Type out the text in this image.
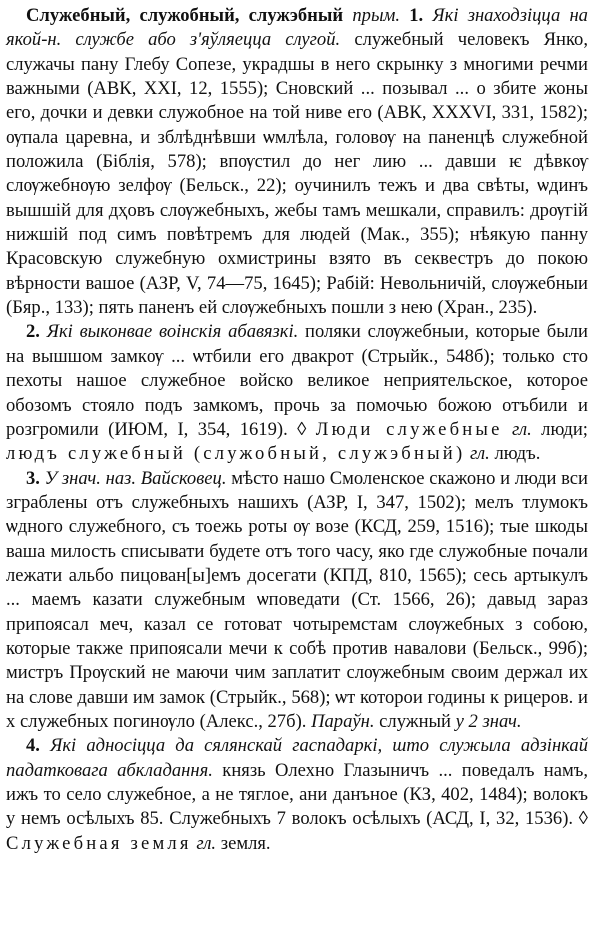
Служебный, служобный, служэбный прым. 1. Які знаходзіцца на якой-н. службе або з'яўляецца слугой. служебный человекъ Янко, служачы пану Глебу Сопезе, украдшы в него скрынку з многими речми важными (АВК, XXI, 12, 1555); Сновский ... позывал ... о збите жоны его, дочки и девки служобное на той ниве его (АВК, XXXVI, 331, 1582); ѹпала царевна, и зблѣднѣвши ѡмлѣла, головѹ на паненцѣ служебной положила (Біблія, 578); впѹстил до нег лию ... давши ѥ дѣвкѹ слѹжебнѹю зелфѹ (Бельск., 22); оучинилъ тежъ и два свѣты, ѡдинъ вышшій для дҳовъ слѹжебныхъ, жебы тамъ мешкали, справилъ: дрѹгій нижшій под симъ повѣтремъ для людей (Мак., 355); нѣякую панну Красовскую служебную охмистрины взято въ секвестръ до покою вѣрности вашое (АЗР, V, 74—75, 1645); Рабій: Невольничій, слѹжебныи (Бяр., 133); пять паненъ ей слѹжебныхъ пошли з нею (Хран., 235).

2. Які выконвае воінскія абавязкі. поляки слѹжебныи, которые были на вышшом замкѹ ... ѡтбили его двакрот (Стрыйк., 548б); только сто пехоты нашое служебное войско великое неприятельское, которое обозомъ стояло подъ замкомъ, прочь за помочью божою отъбили и розгромили (ИЮМ, I, 354, 1619). ◊ Люди служебные гл. люди; людъ служебный (служобный, служэбный) гл. людъ.

3. У знач. наз. Вайсковец. мѣсто нашо Смоленское скажоно и люди вси зграблены отъ служебныхъ нашихъ (АЗР, I, 347, 1502); мелъ тлумокъ ѡдного служебного, съ тоежь роты ѹ возе (КСД, 259, 1516); тые шкоды ваша милость списывати будете отъ того часу, яко где служобные почали лежати альбо пицован[ы]емъ досегати (КПД, 810, 1565); сесь артыкулъ ... маемъ казати служебным ѡповедати (Ст. 1566, 26); давыд зараз припоясал меч, казал се готоват чотыремстам слѹжебных з собою, которые также припоясали мечи к собѣ против навалови (Бельск., 99б); мистръ Прѹский не маючи чим заплатит слѹжебным своим держал их на слове давши им замок (Стрыйк., 568); ѡт которои годины к рицеров. и х служебных погинѹло (Алекс., 27б). Параўн. служный у 2 знач.

4. Які адносіцца да сялянскай гаспадаркі, што служыла адзінкай падатковага абкладання. князь Олехно Глазыничъ ... поведалъ намъ, ижъ то село служебное, а не тяглое, ани данъное (КЗ, 402, 1484); волокъ у немъ осѣлыхъ 85. Служебныхъ 7 волокъ осѣлыхъ (АСД, I, 32, 1536). ◊ Служебная земля гл. земля.
